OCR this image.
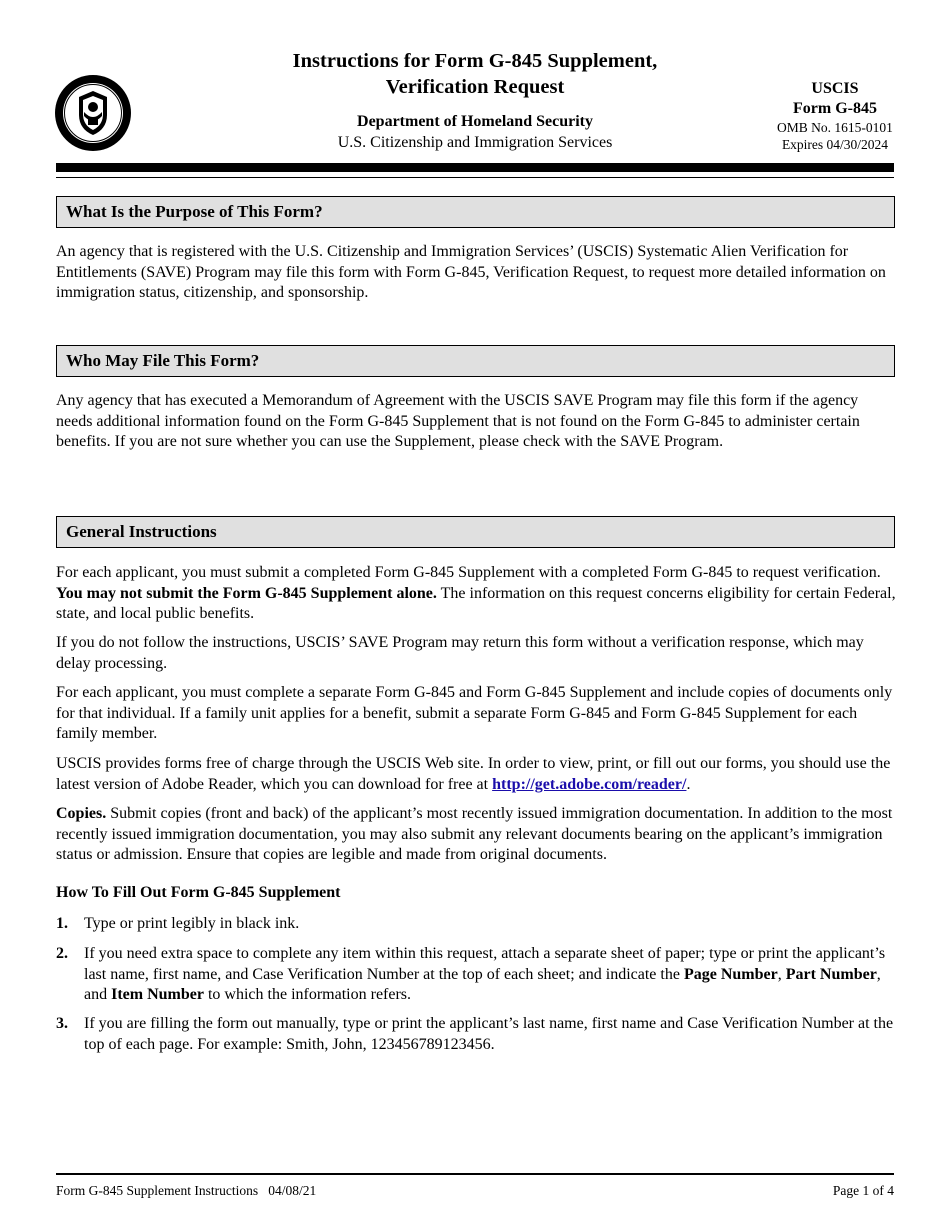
Instructions for Form G-845 Supplement,
Verification Request
Department of Homeland Security
U.S. Citizenship and Immigration Services
USCIS
Form G-845
OMB No. 1615-0101
Expires 04/30/2024
What Is the Purpose of This Form?
An agency that is registered with the U.S. Citizenship and Immigration Services’ (USCIS) Systematic Alien Verification for Entitlements (SAVE) Program may file this form with Form G-845, Verification Request, to request more detailed information on immigration status, citizenship, and sponsorship.
Who May File This Form?
Any agency that has executed a Memorandum of Agreement with the USCIS SAVE Program may file this form if the agency needs additional information found on the Form G-845 Supplement that is not found on the Form G-845 to administer certain benefits. If you are not sure whether you can use the Supplement, please check with the SAVE Program.
General Instructions
For each applicant, you must submit a completed Form G-845 Supplement with a completed Form G-845 to request verification. You may not submit the Form G-845 Supplement alone. The information on this request concerns eligibility for certain Federal, state, and local public benefits.
If you do not follow the instructions, USCIS’ SAVE Program may return this form without a verification response, which may delay processing.
For each applicant, you must complete a separate Form G-845 and Form G-845 Supplement and include copies of documents only for that individual. If a family unit applies for a benefit, submit a separate Form G-845 and Form G-845 Supplement for each family member.
USCIS provides forms free of charge through the USCIS Web site. In order to view, print, or fill out our forms, you should use the latest version of Adobe Reader, which you can download for free at http://get.adobe.com/reader/.
Copies. Submit copies (front and back) of the applicant’s most recently issued immigration documentation. In addition to the most recently issued immigration documentation, you may also submit any relevant documents bearing on the applicant’s immigration status or admission. Ensure that copies are legible and made from original documents.
How To Fill Out Form G-845 Supplement
1. Type or print legibly in black ink.
2. If you need extra space to complete any item within this request, attach a separate sheet of paper; type or print the applicant’s last name, first name, and Case Verification Number at the top of each sheet; and indicate the Page Number, Part Number, and Item Number to which the information refers.
3. If you are filling the form out manually, type or print the applicant’s last name, first name and Case Verification Number at the top of each page. For example: Smith, John, 123456789123456.
Form G-845 Supplement Instructions   04/08/21	Page 1 of 4
